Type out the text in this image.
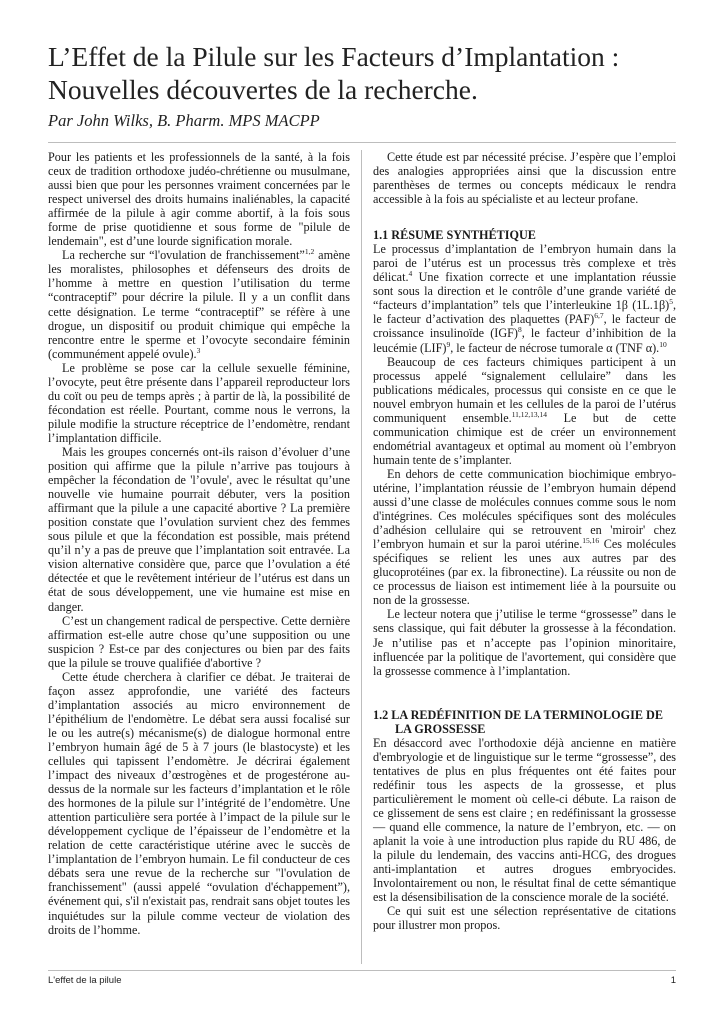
L’Effet de la Pilule sur les Facteurs d’Implantation :
Nouvelles découvertes de la recherche.
Par John Wilks, B. Pharm. MPS MACPP

Pour les patients et les professionnels de la santé, à la fois ceux de tradition orthodoxe judéo-chrétienne ou musulmane, aussi bien que pour les personnes vraiment concernées par le respect universel des droits humains inaliénables, la capacité affirmée de la pilule à agir comme abortif, à la fois sous forme de prise quotidienne et sous forme de "pilule de lendemain", est d’une lourde signification morale.

La recherche sur “l'ovulation de franchissement”$^{1,2}$ amène les moralistes, philosophes et défenseurs des droits de l’homme à mettre en question l’utilisation du terme “contraceptif” pour décrire la pilule. Il y a un conflit dans cette désignation. Le terme “contraceptif” se réfère à une drogue, un dispositif ou produit chimique qui empêche la rencontre entre le sperme et l’ovocyte secondaire féminin (communément appelé ovule).$^3$

Le problème se pose car la cellule sexuelle féminine, l’ovocyte, peut être présente dans l’appareil reproducteur lors du coït ou peu de temps après ; à partir de là, la possibilité de fécondation est réelle. Pourtant, comme nous le verrons, la pilule modifie la structure réceptrice de l’endomètre, rendant l’implantation difficile.

Mais les groupes concernés ont-ils raison d’évoluer d’une position qui affirme que la pilule n’arrive pas toujours à empêcher la fécondation de 'l’ovule', avec le résultat qu’une nouvelle vie humaine pourrait débuter, vers la position affirmant que la pilule a une capacité abortive ? La première position constate que l’ovulation survient chez des femmes sous pilule et que la fécondation est possible, mais prétend qu’il n’y a pas de preuve que l’implantation soit entravée. La vision alternative considère que, parce que l’ovulation a été détectée et que le revêtement intérieur de l’utérus est dans un état de sous développement, une vie humaine est mise en danger.

C’est un changement radical de perspective. Cette dernière affirmation est-elle autre chose qu’une supposition ou une suspicion ? Est-ce par des conjectures ou bien par des faits que la pilule se trouve qualifiée d'abortive ?

Cette étude cherchera à clarifier ce débat. Je traiterai de façon assez approfondie, une variété des facteurs d’implantation associés au micro environnement de l’épithélium de l'endomètre. Le débat sera aussi focalisé sur le ou les autre(s) mécanisme(s) de dialogue hormonal entre l’embryon humain âgé de 5 à 7 jours (le blastocyste) et les cellules qui tapissent l’endomètre. Je décrirai également l’impact des niveaux d’œstrogènes et de progestérone au-dessus de la normale sur les facteurs d’implantation et le rôle des hormones de la pilule sur l’intégrité de l’endomètre. Une attention particulière sera portée à l’impact de la pilule sur le développement cyclique de l’épaisseur de l’endomètre et la relation de cette caractéristique utérine avec le succès de l’implantation de l’embryon humain. Le fil conducteur de ces débats sera une revue de la recherche sur "l'ovulation de franchissement" (aussi appelé “ovulation d'échappement”), événement qui, s'il n'existait pas, rendrait sans objet toutes les inquiétudes sur la pilule comme vecteur de violation des droits de l’homme.

Cette étude est par nécessité précise. J’espère que l’emploi des analogies appropriées ainsi que la discussion entre parenthèses de termes ou concepts médicaux le rendra accessible à la fois au spécialiste et au lecteur profane.

1.1 RÉSUME SYNTHÉTIQUE

Le processus d’implantation de l’embryon humain dans la paroi de l’utérus est un processus très complexe et très délicat.$^4$ Une fixation correcte et une implantation réussie sont sous la direction et le contrôle d’une grande variété de “facteurs d’implantation” tels que l’interleukine 1β $(1L.1\beta)^5$, le facteur d’activation des plaquettes (PAF)$^{6,7}$, le facteur de croissance insulinoïde (IGF)$^8$, le facteur d’inhibition de la leucémie (LIF)$^9$, le facteur de nécrose tumorale α (TNF α).$^{10}$

Beaucoup de ces facteurs chimiques participent à un processus appelé “signalement cellulaire” dans les publications médicales, processus qui consiste en ce que le nouvel embryon humain et les cellules de la paroi de l’utérus communiquent ensemble.$^{11,12,13,14}$ Le but de cette communication chimique est de créer un environnement endométrial avantageux et optimal au moment où l’embryon humain tente de s’implanter.

En dehors de cette communication biochimique embryo-utérine, l’implantation réussie de l’embryon humain dépend aussi d’une classe de molécules connues comme sous le nom d'intégrines. Ces molécules spécifiques sont des molécules d’adhésion cellulaire qui se retrouvent en 'miroir' chez l’embryon humain et sur la paroi utérine.$^{15,16}$ Ces molécules spécifiques se relient les unes aux autres par des glucoprotéines (par ex. la fibronectine). La réussite ou non de ce processus de liaison est intimement liée à la poursuite ou non de la grossesse.

Le lecteur notera que j’utilise le terme “grossesse” dans le sens classique, qui fait débuter la grossesse à la fécondation. Je n’utilise pas et n’accepte pas l’opinion minoritaire, influencée par la politique de l'avortement, qui considère que la grossesse commence à l’implantation.

1.2 LA REDÉFINITION DE LA TERMINOLOGIE DE
LA GROSSESSE

En désaccord avec l'orthodoxie déjà ancienne en matière d'embryologie et de linguistique sur le terme “grossesse”, des tentatives de plus en plus fréquentes ont été faites pour redéfinir tous les aspects de la grossesse, et plus particulièrement le moment où celle-ci débute. La raison de ce glissement de sens est claire ; en redéfinissant la grossesse — quand elle commence, la nature de l’embryon, etc. — on aplanit la voie à une introduction plus rapide du RU 486, de la pilule du lendemain, des vaccins anti-HCG, des drogues anti-implantation et autres drogues embryocides. Involontairement ou non, le résultat final de cette sémantique est la désensibilisation de la conscience morale de la société.

Ce qui suit est une sélection représentative de citations pour illustrer mon propos.

L'effet de la pilule	1
